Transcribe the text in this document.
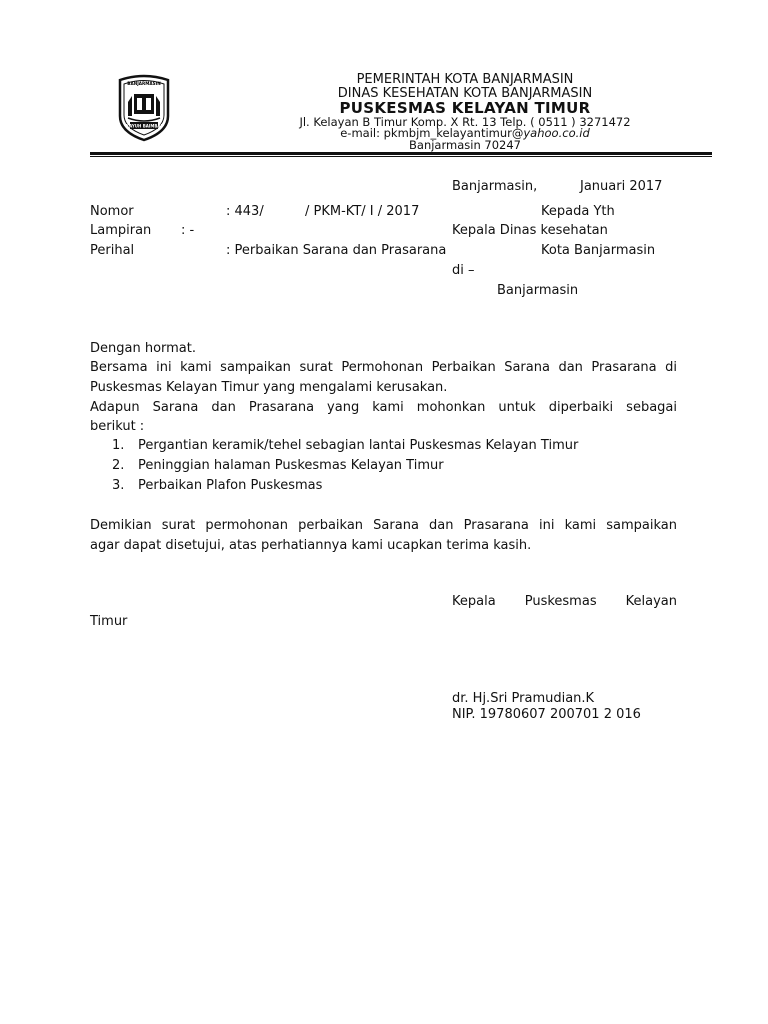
BANJARMASIN
KAYUH BAIMBAI
PEMERINTAH KOTA BANJARMASIN
DINAS KESEHATAN KOTA BANJARMASIN
PUSKESMAS KELAYAN TIMUR
Jl. Kelayan B Timur Komp. X Rt. 13 Telp. ( 0511 ) 3271472
e-mail: pkmbjm_kelayantimur@yahoo.co.id
Banjarmasin 70247
Banjarmasin,	Januari 2017
Nomor	: 443/          / PKM-KT/ I / 2017
Lampiran : -
Perihal	: Perbaikan Sarana dan Prasarana
Kepada Yth
Kepala Dinas kesehatan
Kota Banjarmasin
di –
Banjarmasin
Dengan hormat.
Bersama ini kami sampaikan surat Permohonan Perbaikan Sarana dan Prasarana di
Puskesmas Kelayan Timur yang mengalami kerusakan.
Adapun Sarana dan Prasarana yang kami mohonkan untuk diperbaiki sebagai
berikut :
1. Pergantian keramik/tehel sebagian lantai Puskesmas Kelayan Timur
2. Peninggian halaman Puskesmas Kelayan Timur
3. Perbaikan Plafon Puskesmas
Demikian surat permohonan perbaikan Sarana dan Prasarana ini kami sampaikan
agar dapat disetujui, atas perhatiannya kami ucapkan terima kasih.
Kepala Puskesmas Kelayan
Timur
dr. Hj.Sri Pramudian.K
NIP. 19780607 200701 2 016
